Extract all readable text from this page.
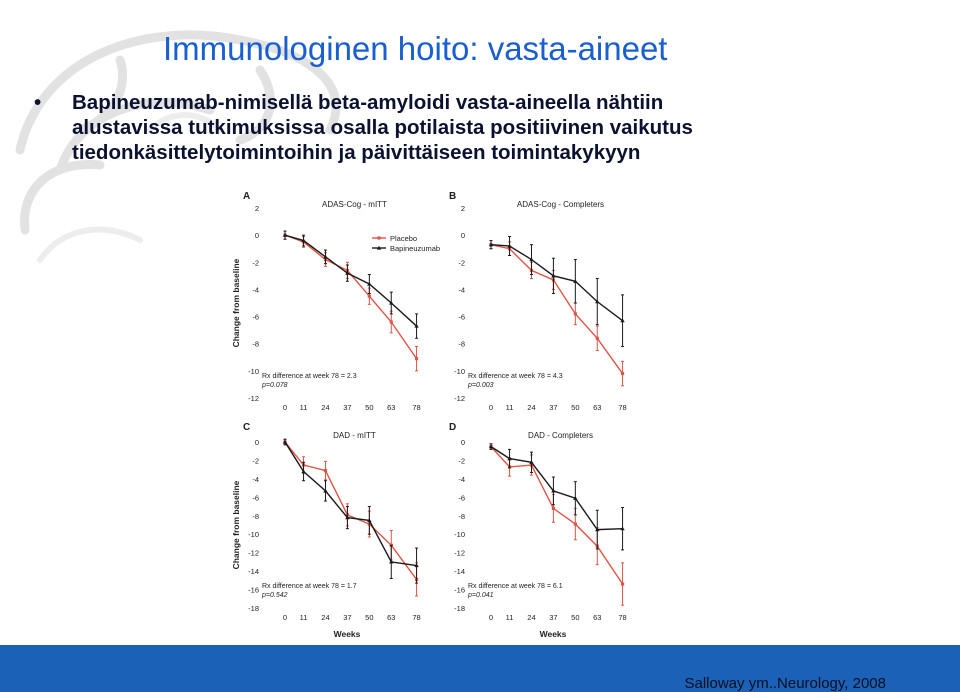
Immunologinen hoito: vasta-aineet
• Bapineuzumab-nimisellä beta-amyloidi vasta-aineella nähtiin
alustavissa tutkimuksissa osalla potilaista positiivinen vaikutus
tiedonkäsittelytoimintoihin ja päivittäiseen toimintakykyyn
A
ADAS-Cog - mITT
2
0
-2
-4
-6
-8
-10
-12
0 11 24 37 50 63 78
Rx difference at week 78 = 2.3
p=0.078
Placebo
Bapineuzumab
B
ADAS-Cog - Completers
2
0
-2
-4
-6
-8
-10
-12
0 11 24 37 50 63 78
Rx difference at week 78 = 4.3
p=0.003
C
DAD - mITT
0
-2
-4
-6
-8
-10
-12
-14
-16
-18
0 11 24 37 50 63 78
Rx difference at week 78 = 1.7
p=0.542
D
DAD - Completers
0
-2
-4
-6
-8
-10
-12
-14
-16
-18
0 11 24 37 50 63 78
Rx difference at week 78 = 6.1
p=0.041
Change from baseline
Change from baseline
Weeks	Weeks
Salloway ym..Neurology, 2008
